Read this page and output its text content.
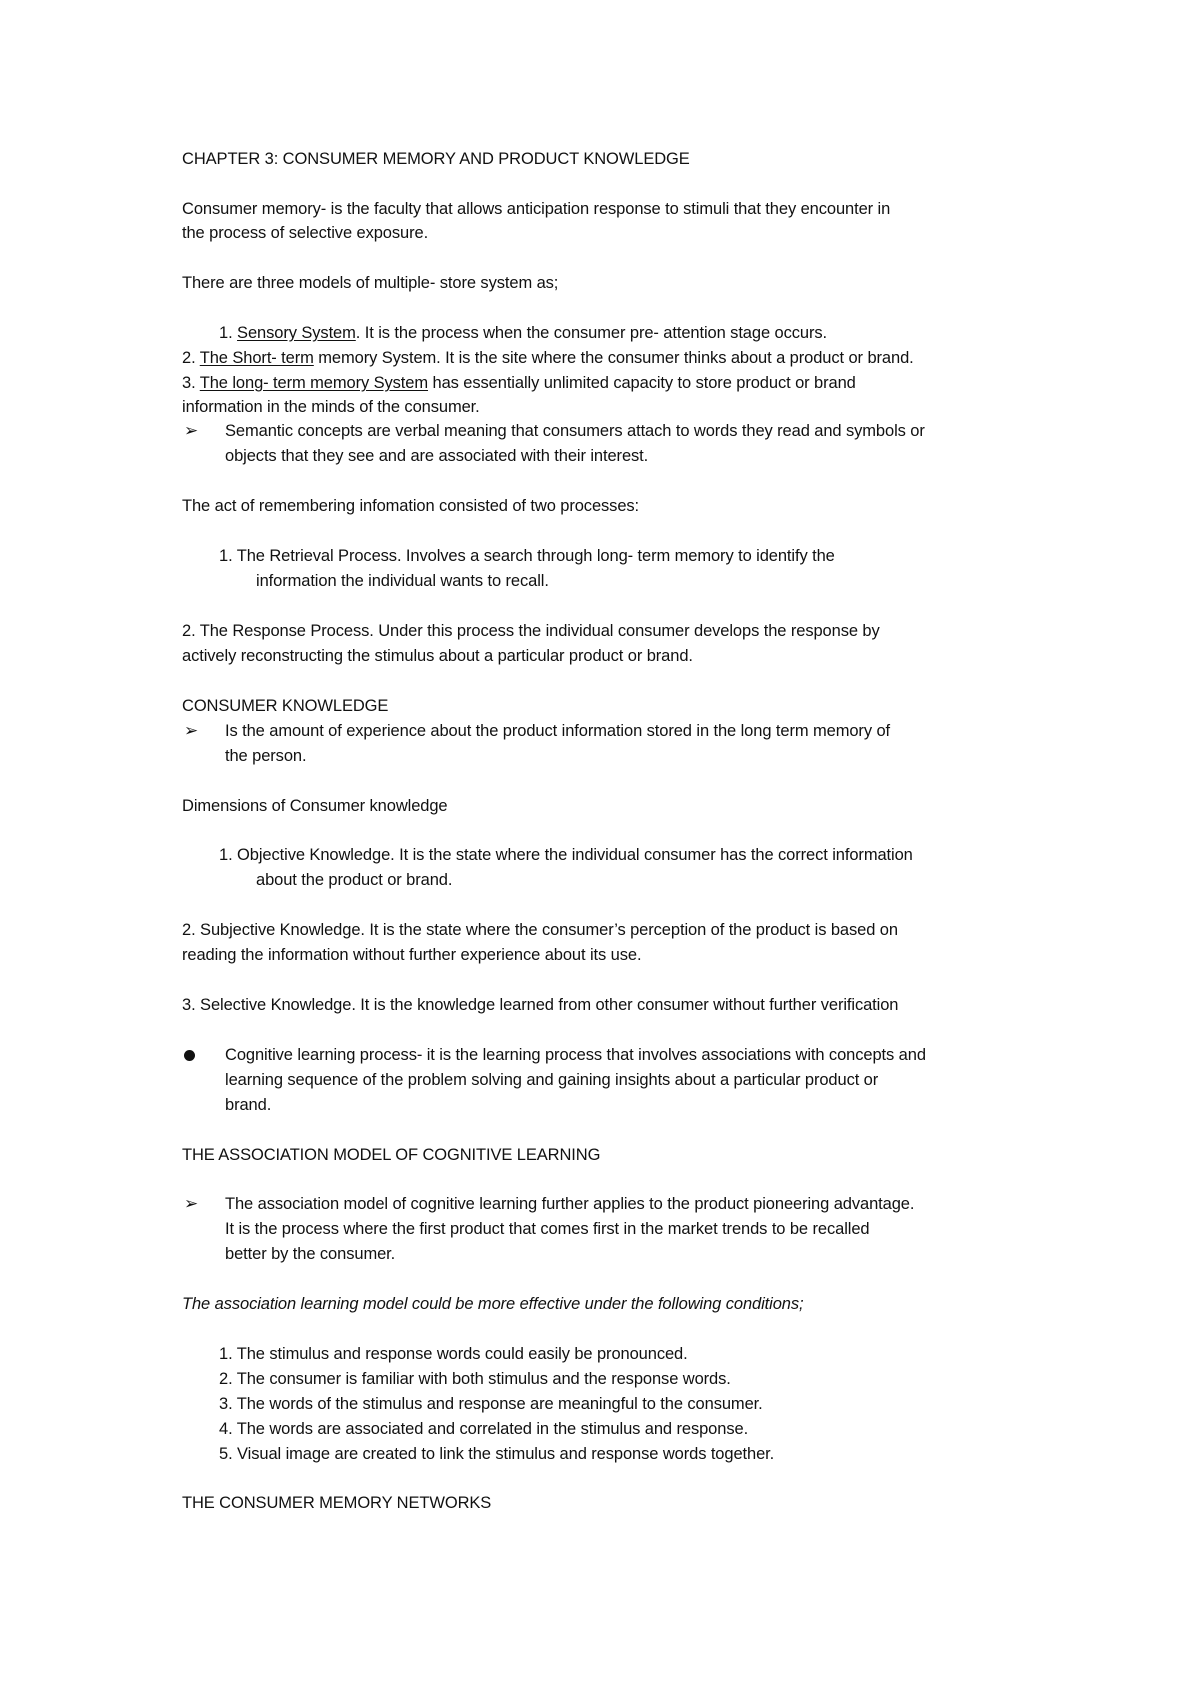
CHAPTER 3: CONSUMER MEMORY AND PRODUCT KNOWLEDGE
Consumer memory- is the faculty that allows anticipation response to stimuli that they encounter in
the process of selective exposure.
There are three models of multiple- store system as;
1. Sensory System. It is the process when the consumer pre- attention stage occurs.
2. The Short- term memory System. It is the site where the consumer thinks about a product or brand.
3. The long- term memory System has essentially unlimited capacity to store product or brand
information in the minds of the consumer.
➢ Semantic concepts are verbal meaning that consumers attach to words they read and symbols or
objects that they see and are associated with their interest.
The act of remembering infomation consisted of two processes:
1. The Retrieval Process. Involves a search through long- term memory to identify the
information the individual wants to recall.
2. The Response Process. Under this process the individual consumer develops the response by
actively reconstructing the stimulus about a particular product or brand.
CONSUMER KNOWLEDGE
➢ Is the amount of experience about the product information stored in the long term memory of
the person.
Dimensions of Consumer knowledge
1. Objective Knowledge. It is the state where the individual consumer has the correct information
about the product or brand.
2. Subjective Knowledge. It is the state where the consumer’s perception of the product is based on
reading the information without further experience about its use.
3. Selective Knowledge. It is the knowledge learned from other consumer without further verification
Cognitive learning process- it is the learning process that involves associations with concepts and
learning sequence of the problem solving and gaining insights about a particular product or
brand.
THE ASSOCIATION MODEL OF COGNITIVE LEARNING
➢ The association model of cognitive learning further applies to the product pioneering advantage.
It is the process where the first product that comes first in the market trends to be recalled
better by the consumer.
The association learning model could be more effective under the following conditions;
1. The stimulus and response words could easily be pronounced.
2. The consumer is familiar with both stimulus and the response words.
3. The words of the stimulus and response are meaningful to the consumer.
4. The words are associated and correlated in the stimulus and response.
5. Visual image are created to link the stimulus and response words together.
THE CONSUMER MEMORY NETWORKS
